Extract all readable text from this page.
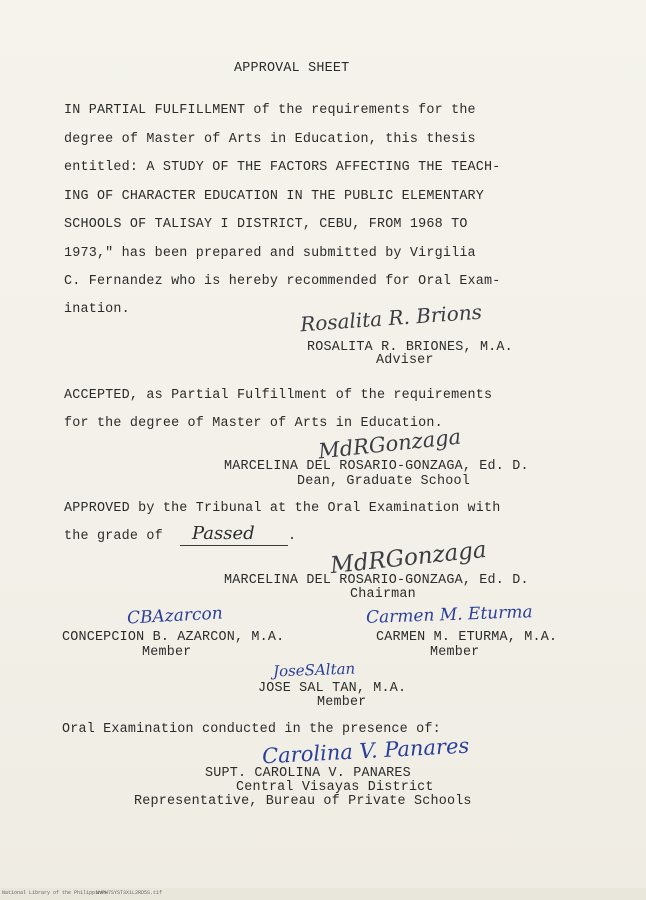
APPROVAL SHEET
IN PARTIAL FULFILLMENT of the requirements for the
degree of Master of Arts in Education, this thesis
entitled: A STUDY OF THE FACTORS AFFECTING THE TEACH-
ING OF CHARACTER EDUCATION IN THE PUBLIC ELEMENTARY
SCHOOLS OF TALISAY I DISTRICT, CEBU, FROM 1968 TO
1973," has been prepared and submitted by Virgilia
C. Fernandez who is hereby recommended for Oral Exam-
ination.	Rosalita R. Brions
ROSALITA R. BRIONES, M.A.
Adviser
ACCEPTED, as Partial Fulfillment of the requirements
for the degree of Master of Arts in Education.
MdRGonzaga
MARCELINA DEL ROSARIO-GONZAGA, Ed. D.
Dean, Graduate School
APPROVED by the Tribunal at the Oral Examination with
the grade of Passed .
MdRGonzaga
MARCELINA DEL ROSARIO-GONZAGA, Ed. D.
Chairman
CBAzarcon	Carmen M. Eturma
CONCEPCION B. AZARCON, M.A.
Member
CARMEN M. ETURMA, M.A.
Member
JoseSAltan
JOSE SAL TAN, M.A.
Member
Oral Examination conducted in the presence of:
Carolina V. Panares
SUPT. CAROLINA V. PANARES
Central Visayas District
Representative, Bureau of Private Schools
National Library of the Philippines
WVPH7SYST3X1L2RD5S.tif
